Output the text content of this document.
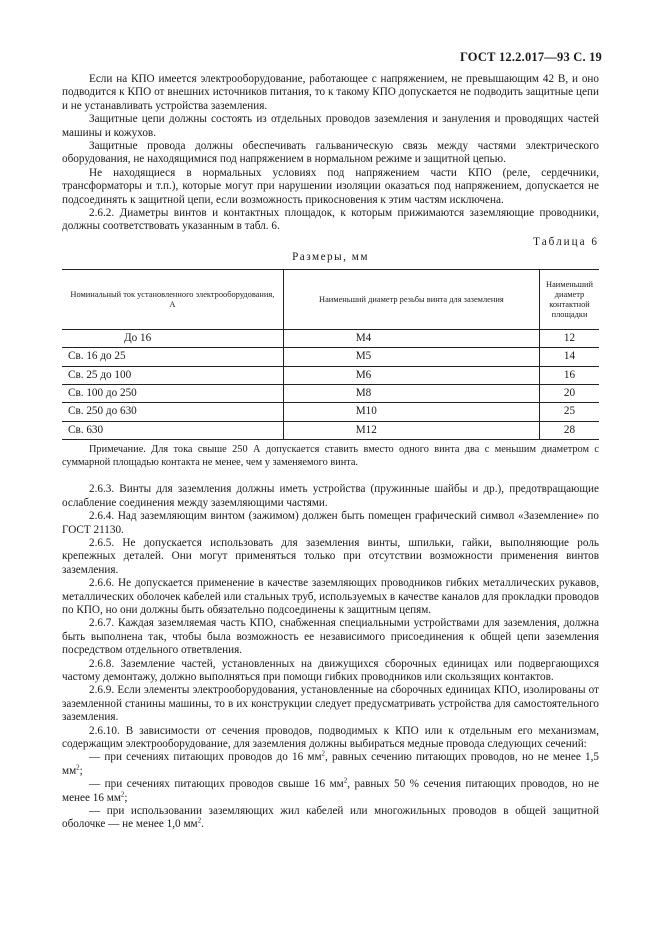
ГОСТ 12.2.017—93 С. 19

Если на КПО имеется электрооборудование, работающее с напряжением, не превышающим 42 В, и оно подводится к КПО от внешних источников питания, то к такому КПО допускается не подводить защитные цепи и не устанавливать устройства заземления.

Защитные цепи должны состоять из отдельных проводов заземления и зануления и проводящих частей машины и кожухов.

Защитные провода должны обеспечивать гальваническую связь между частями электрического оборудования, не находящимися под напряжением в нормальном режиме и защитной цепью.

Не находящиеся в нормальных условиях под напряжением части КПО (реле, сердечники, трансформаторы и т.п.), которые могут при нарушении изоляции оказаться под напряжением, допускается не подсоединять к защитной цепи, если возможность прикосновения к этим частям исключена.

2.6.2. Диаметры винтов и контактных площадок, к которым прижимаются заземляющие проводники, должны соответствовать указанным в табл. 6.

Таблица 6
Размеры, мм
Номинальный ток установленного электрооборудования, А	Наименьший диаметр резьбы винта для заземления	Наименьший диаметр контактной площадки
До 16	М4	12
Св. 16 до 25	М5	14
Св. 25 до 100	М6	16
Св. 100 до 250	М8	20
Св. 250 до 630	М10	25
Св. 630	М12	28

Примечание. Для тока свыше 250 А допускается ставить вместо одного винта два с меньшим диаметром с суммарной площадью контакта не менее, чем у заменяемого винта.

2.6.3. Винты для заземления должны иметь устройства (пружинные шайбы и др.), предотвращающие ослабление соединения между заземляющими частями.

2.6.4. Над заземляющим винтом (зажимом) должен быть помещен графический символ «Заземление» по ГОСТ 21130.

2.6.5. Не допускается использовать для заземления винты, шпильки, гайки, выполняющие роль крепежных деталей. Они могут применяться только при отсутствии возможности применения винтов заземления.

2.6.6. Не допускается применение в качестве заземляющих проводников гибких металлических рукавов, металлических оболочек кабелей или стальных труб, используемых в качестве каналов для прокладки проводов по КПО, но они должны быть обязательно подсоединены к защитным цепям.

2.6.7. Каждая заземляемая часть КПО, снабженная специальными устройствами для заземления, должна быть выполнена так, чтобы была возможность ее независимого присоединения к общей цепи заземления посредством отдельного ответвления.

2.6.8. Заземление частей, установленных на движущихся сборочных единицах или подвергающихся частому демонтажу, должно выполняться при помощи гибких проводников или скользящих контактов.

2.6.9. Если элементы электрооборудования, установленные на сборочных единицах КПО, изолированы от заземленной станины машины, то в их конструкции следует предусматривать устройства для самостоятельного заземления.

2.6.10. В зависимости от сечения проводов, подводимых к КПО или к отдельным его механизмам, содержащим электрооборудование, для заземления должны выбираться медные провода следующих сечений:

— при сечениях питающих проводов до 16 $мм^2$, равных сечению питающих проводов, но не менее 1,5 $мм^2$;

— при сечениях питающих проводов свыше 16 $мм^2$, равных 50 % сечения питающих проводов, но не менее 16 $мм^2$;

— при использовании заземляющих жил кабелей или многожильных проводов в общей защитной оболочке — не менее 1,0 $мм^2$.
